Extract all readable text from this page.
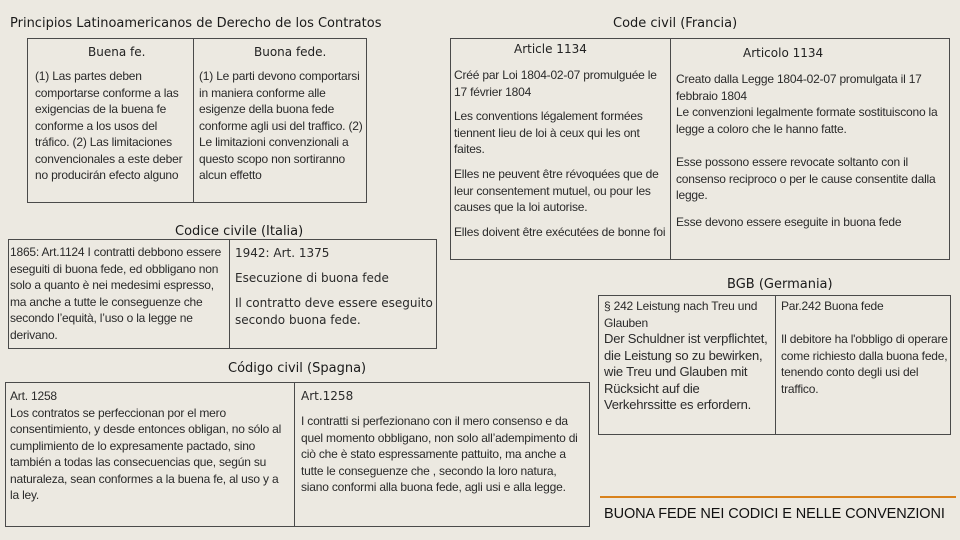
Principios Latinoamericanos de Derecho de los Contratos
Buena fe.	Buona fede.
(1) Las partes deben comportarse conforme a las exigencias de la buena fe conforme a los usos del tráfico. (2) Las limitaciones convencionales a este deber no producirán efecto alguno
(1) Le parti devono comportarsi in maniera conforme alle esigenze della buona fede conforme agli usi del traffico. (2) Le limitazioni convenzionali a questo scopo non sortiranno alcun effetto
Codice civile (Italia)
1865: Art.1124 I contratti debbono essere eseguiti di buona fede, ed obbligano non solo a quanto è nei medesimi espresso, ma anche a tutte le conseguenze che secondo l’equità, l’uso o la legge ne derivano.
1942: Art. 1375
Esecuzione di buona fede
Il contratto deve essere eseguito secondo buona fede.
Código civil (Spagna)
Art. 1258
Los contratos se perfeccionan por el mero consentimiento, y desde entonces obligan, no sólo al cumplimiento de lo expresamente pactado, sino también a todas las consecuencias que, según su naturaleza, sean conformes a la buena fe, al uso y a la ley.
Art.1258
I contratti si perfezionano con il mero consenso e da quel momento obbligano, non solo all’adempimento di ciò che è stato espressamente pattuito, ma anche a tutte le conseguenze che , secondo la loro natura, siano conformi alla buona fede, agli usi e alla legge.
Code civil (Francia)
Article 1134	Articolo 1134
Créé par Loi 1804-02-07 promulguée le 17 février 1804
Les conventions légalement formées tiennent lieu de loi à ceux qui les ont faites.
Elles ne peuvent être révoquées que de leur consentement mutuel, ou pour les causes que la loi autorise.
Elles doivent être exécutées de bonne foi
Creato dalla Legge 1804-02-07 promulgata il 17 febbraio 1804
Le convenzioni legalmente formate sostituiscono la legge a coloro che le hanno fatte.
Esse possono essere revocate soltanto con il consenso reciproco o per le cause consentite dalla legge.
Esse devono essere eseguite in buona fede
BGB (Germania)
§ 242 Leistung nach Treu und Glauben
Der Schuldner ist verpflichtet, die Leistung so zu bewirken, wie Treu und Glauben mit Rücksicht auf die Verkehrssitte es erfordern.
Par.242 Buona fede
Il debitore ha l'obbligo di operare come richiesto dalla buona fede, tenendo conto degli usi del traffico.
BUONA FEDE NEI CODICI E NELLE CONVENZIONI
